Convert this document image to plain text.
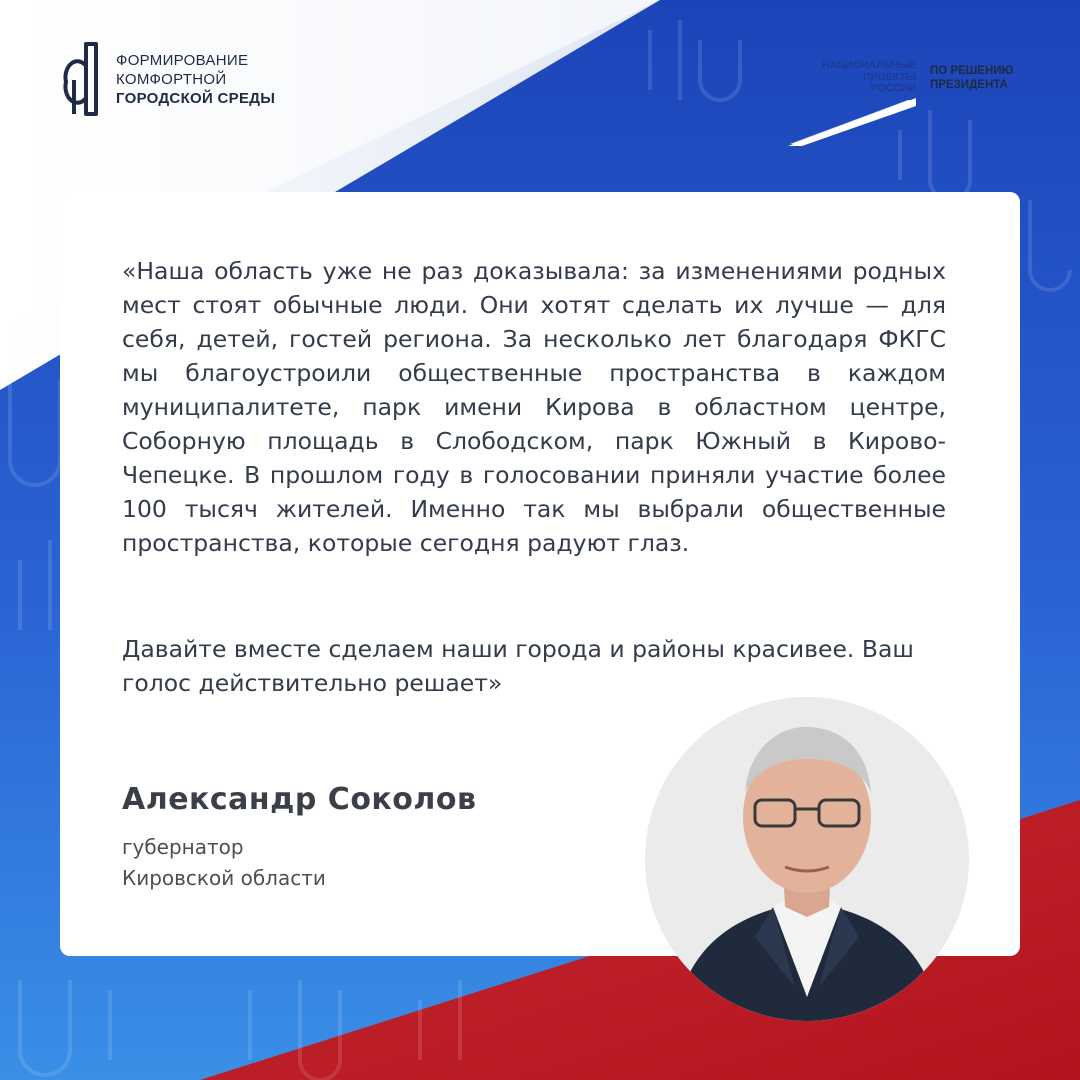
ФОРМИРОВАНИЕ
КОМФОРТНОЙ
ГОРОДСКОЙ СРЕДЫ
НАЦИОНАЛЬНЫЕ
ПРОЕКТЫ
РОССИИ
ПО РЕШЕНИЮ
ПРЕЗИДЕНТА

«Наша область уже не раз доказывала: за изменениями родных мест стоят обычные люди. Они хотят сделать их лучше — для себя, детей, гостей региона. За несколько лет благодаря ФКГС мы благоустроили общественные пространства в каждом муниципалитете, парк имени Кирова в областном центре, Соборную площадь в Слободском, парк Южный в Кирово-Чепецке. В прошлом году в голосовании приняли участие более 100 тысяч жителей. Именно так мы выбрали общественные пространства, которые сегодня радуют глаз.

Давайте вместе сделаем наши города и районы красивее. Ваш голос действительно решает»

Александр Соколов

губернатор
Кировской области
